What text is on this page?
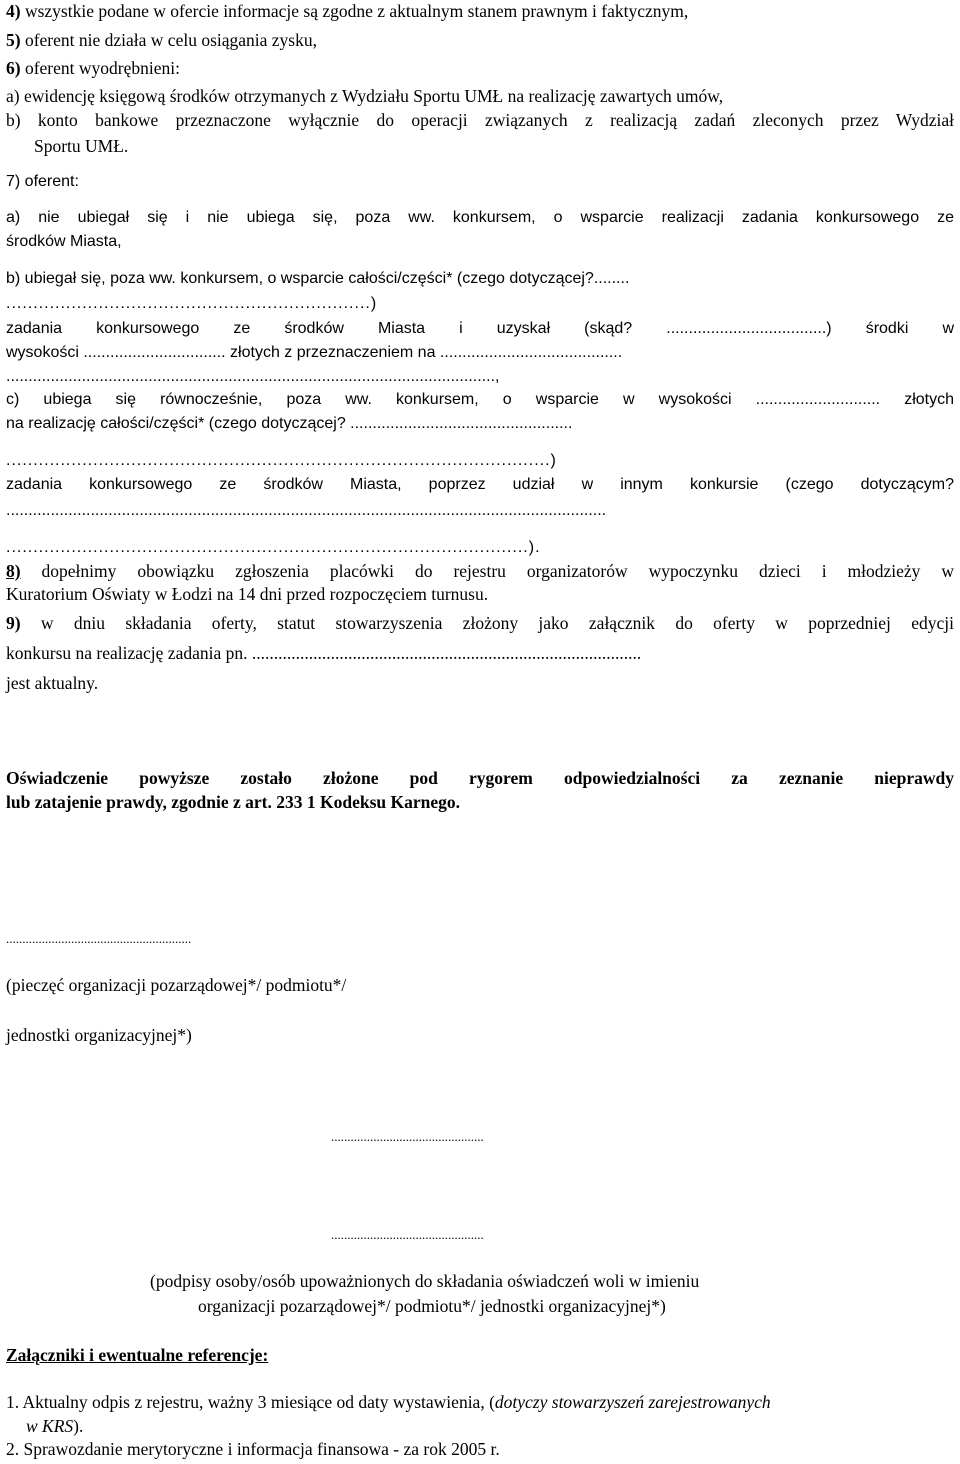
4) wszystkie podane w ofercie informacje są zgodne z aktualnym stanem prawnym i faktycznym,
5) oferent nie działa w celu osiągania zysku,
6) oferent wyodrębnieni:
a) ewidencję księgową środków otrzymanych z Wydziału Sportu UMŁ na realizację zawartych umów,
b) konto bankowe przeznaczone wyłącznie do operacji związanych z realizacją zadań zleconych przez Wydział
Sportu UMŁ.
7) oferent:
a) nie ubiegał się i nie ubiega się, poza ww. konkursem, o wsparcie realizacji zadania konkursowego ze
środków Miasta,
b) ubiegał się, poza ww. konkursem, o wsparcie całości/części* (czego dotyczącej?........
...................................................................)
zadania konkursowego ze środków Miasta i uzyskał (skąd? ....................................) środki w
wysokości ................................ złotych z przeznaczeniem na .........................................
..............................................................................................................,
c) ubiega się równocześnie, poza ww. konkursem, o wsparcie w wysokości ............................ złotych
na realizację całości/części* (czego dotyczącej? ..................................................
....................................................................................................)
zadania konkursowego ze środków Miasta, poprzez udział w innym konkursie (czego dotyczącym?
.......................................................................................................................................
................................................................................................).
8) dopełnimy obowiązku zgłoszenia placówki do rejestru organizatorów wypoczynku dzieci i młodzieży w
Kuratorium Oświaty w Łodzi na 14 dni przed rozpoczęciem turnusu.
9) w dniu składania oferty, statut stowarzyszenia złożony jako załącznik do oferty w poprzedniej edycji
konkursu na realizację zadania pn. .........................................................................................
jest aktualny.
Oświadczenie powyższe zostało złożone pod rygorem odpowiedzialności za zeznanie nieprawdy
lub zatajenie prawdy, zgodnie z art. 233 1 Kodeksu Karnego.
.........................................................
(pieczęć organizacji pozarządowej*/ podmiotu*/
jednostki organizacyjnej*)
...............................................
...............................................
(podpisy osoby/osób upoważnionych do składania oświadczeń woli w imieniu
organizacji pozarządowej*/ podmiotu*/ jednostki organizacyjnej*)
Załączniki i ewentualne referencje:
1. Aktualny odpis z rejestru, ważny 3 miesiące od daty wystawienia, (dotyczy stowarzyszeń zarejestrowanych
w KRS).
2. Sprawozdanie merytoryczne i informacja finansowa - za rok 2005 r.
